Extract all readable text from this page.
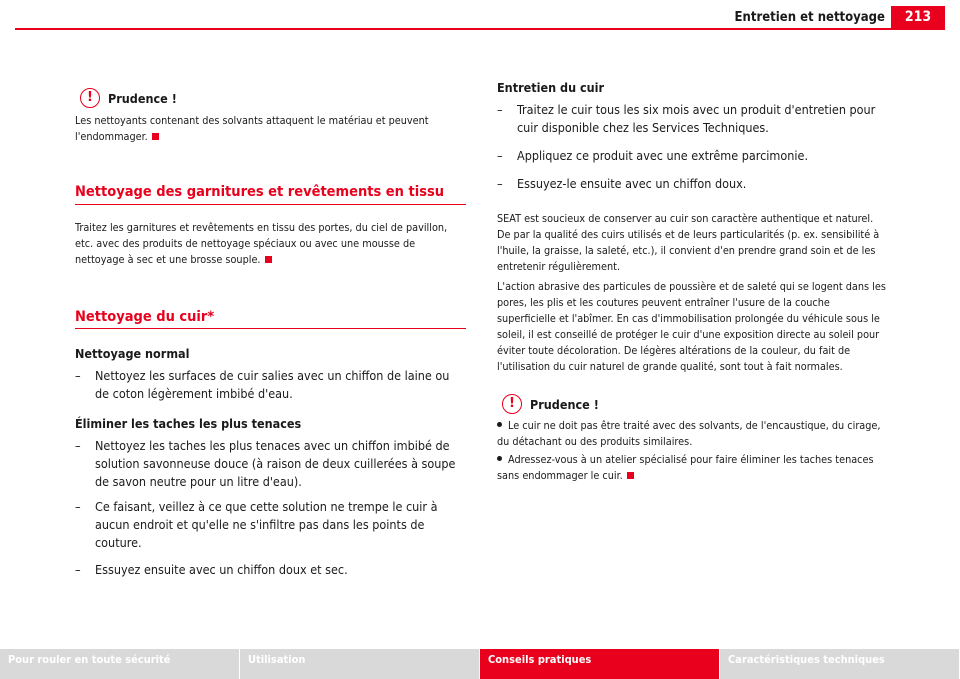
Entretien et nettoyage	213
!	Prudence !
Les nettoyants contenant des solvants attaquent le matériau et peuvent l'endommager.
Nettoyage des garnitures et revêtements en tissu
Traitez les garnitures et revêtements en tissu des portes, du ciel de pavillon, etc. avec des produits de nettoyage spéciaux ou avec une mousse de nettoyage à sec et une brosse souple.
Nettoyage du cuir*
Nettoyage normal
– Nettoyez les surfaces de cuir salies avec un chiffon de laine ou de coton légèrement imbibé d'eau.
Éliminer les taches les plus tenaces
– Nettoyez les taches les plus tenaces avec un chiffon imbibé de solution savonneuse douce (à raison de deux cuillerées à soupe de savon neutre pour un litre d'eau).
– Ce faisant, veillez à ce que cette solution ne trempe le cuir à aucun endroit et qu'elle ne s'infiltre pas dans les points de couture.
– Essuyez ensuite avec un chiffon doux et sec.
Entretien du cuir
– Traitez le cuir tous les six mois avec un produit d'entretien pour cuir disponible chez les Services Techniques.
– Appliquez ce produit avec une extrême parcimonie.
– Essuyez-le ensuite avec un chiffon doux.
SEAT est soucieux de conserver au cuir son caractère authentique et naturel. De par la qualité des cuirs utilisés et de leurs particularités (p. ex. sensibilité à l'huile, la graisse, la saleté, etc.), il convient d'en prendre grand soin et de les entretenir régulièrement.
L'action abrasive des particules de poussière et de saleté qui se logent dans les pores, les plis et les coutures peuvent entraîner l'usure de la couche superficielle et l'abîmer. En cas d'immobilisation prolongée du véhicule sous le soleil, il est conseillé de protéger le cuir d'une exposition directe au soleil pour éviter toute décoloration. De légères altérations de la couleur, du fait de l'utilisation du cuir naturel de grande qualité, sont tout à fait normales.
!	Prudence !
Le cuir ne doit pas être traité avec des solvants, de l'encaustique, du cirage, du détachant ou des produits similaires.
Adressez-vous à un atelier spécialisé pour faire éliminer les taches tenaces sans endommager le cuir.
Pour rouler en toute sécurité	Utilisation	Conseils pratiques	Caractéristiques techniques
